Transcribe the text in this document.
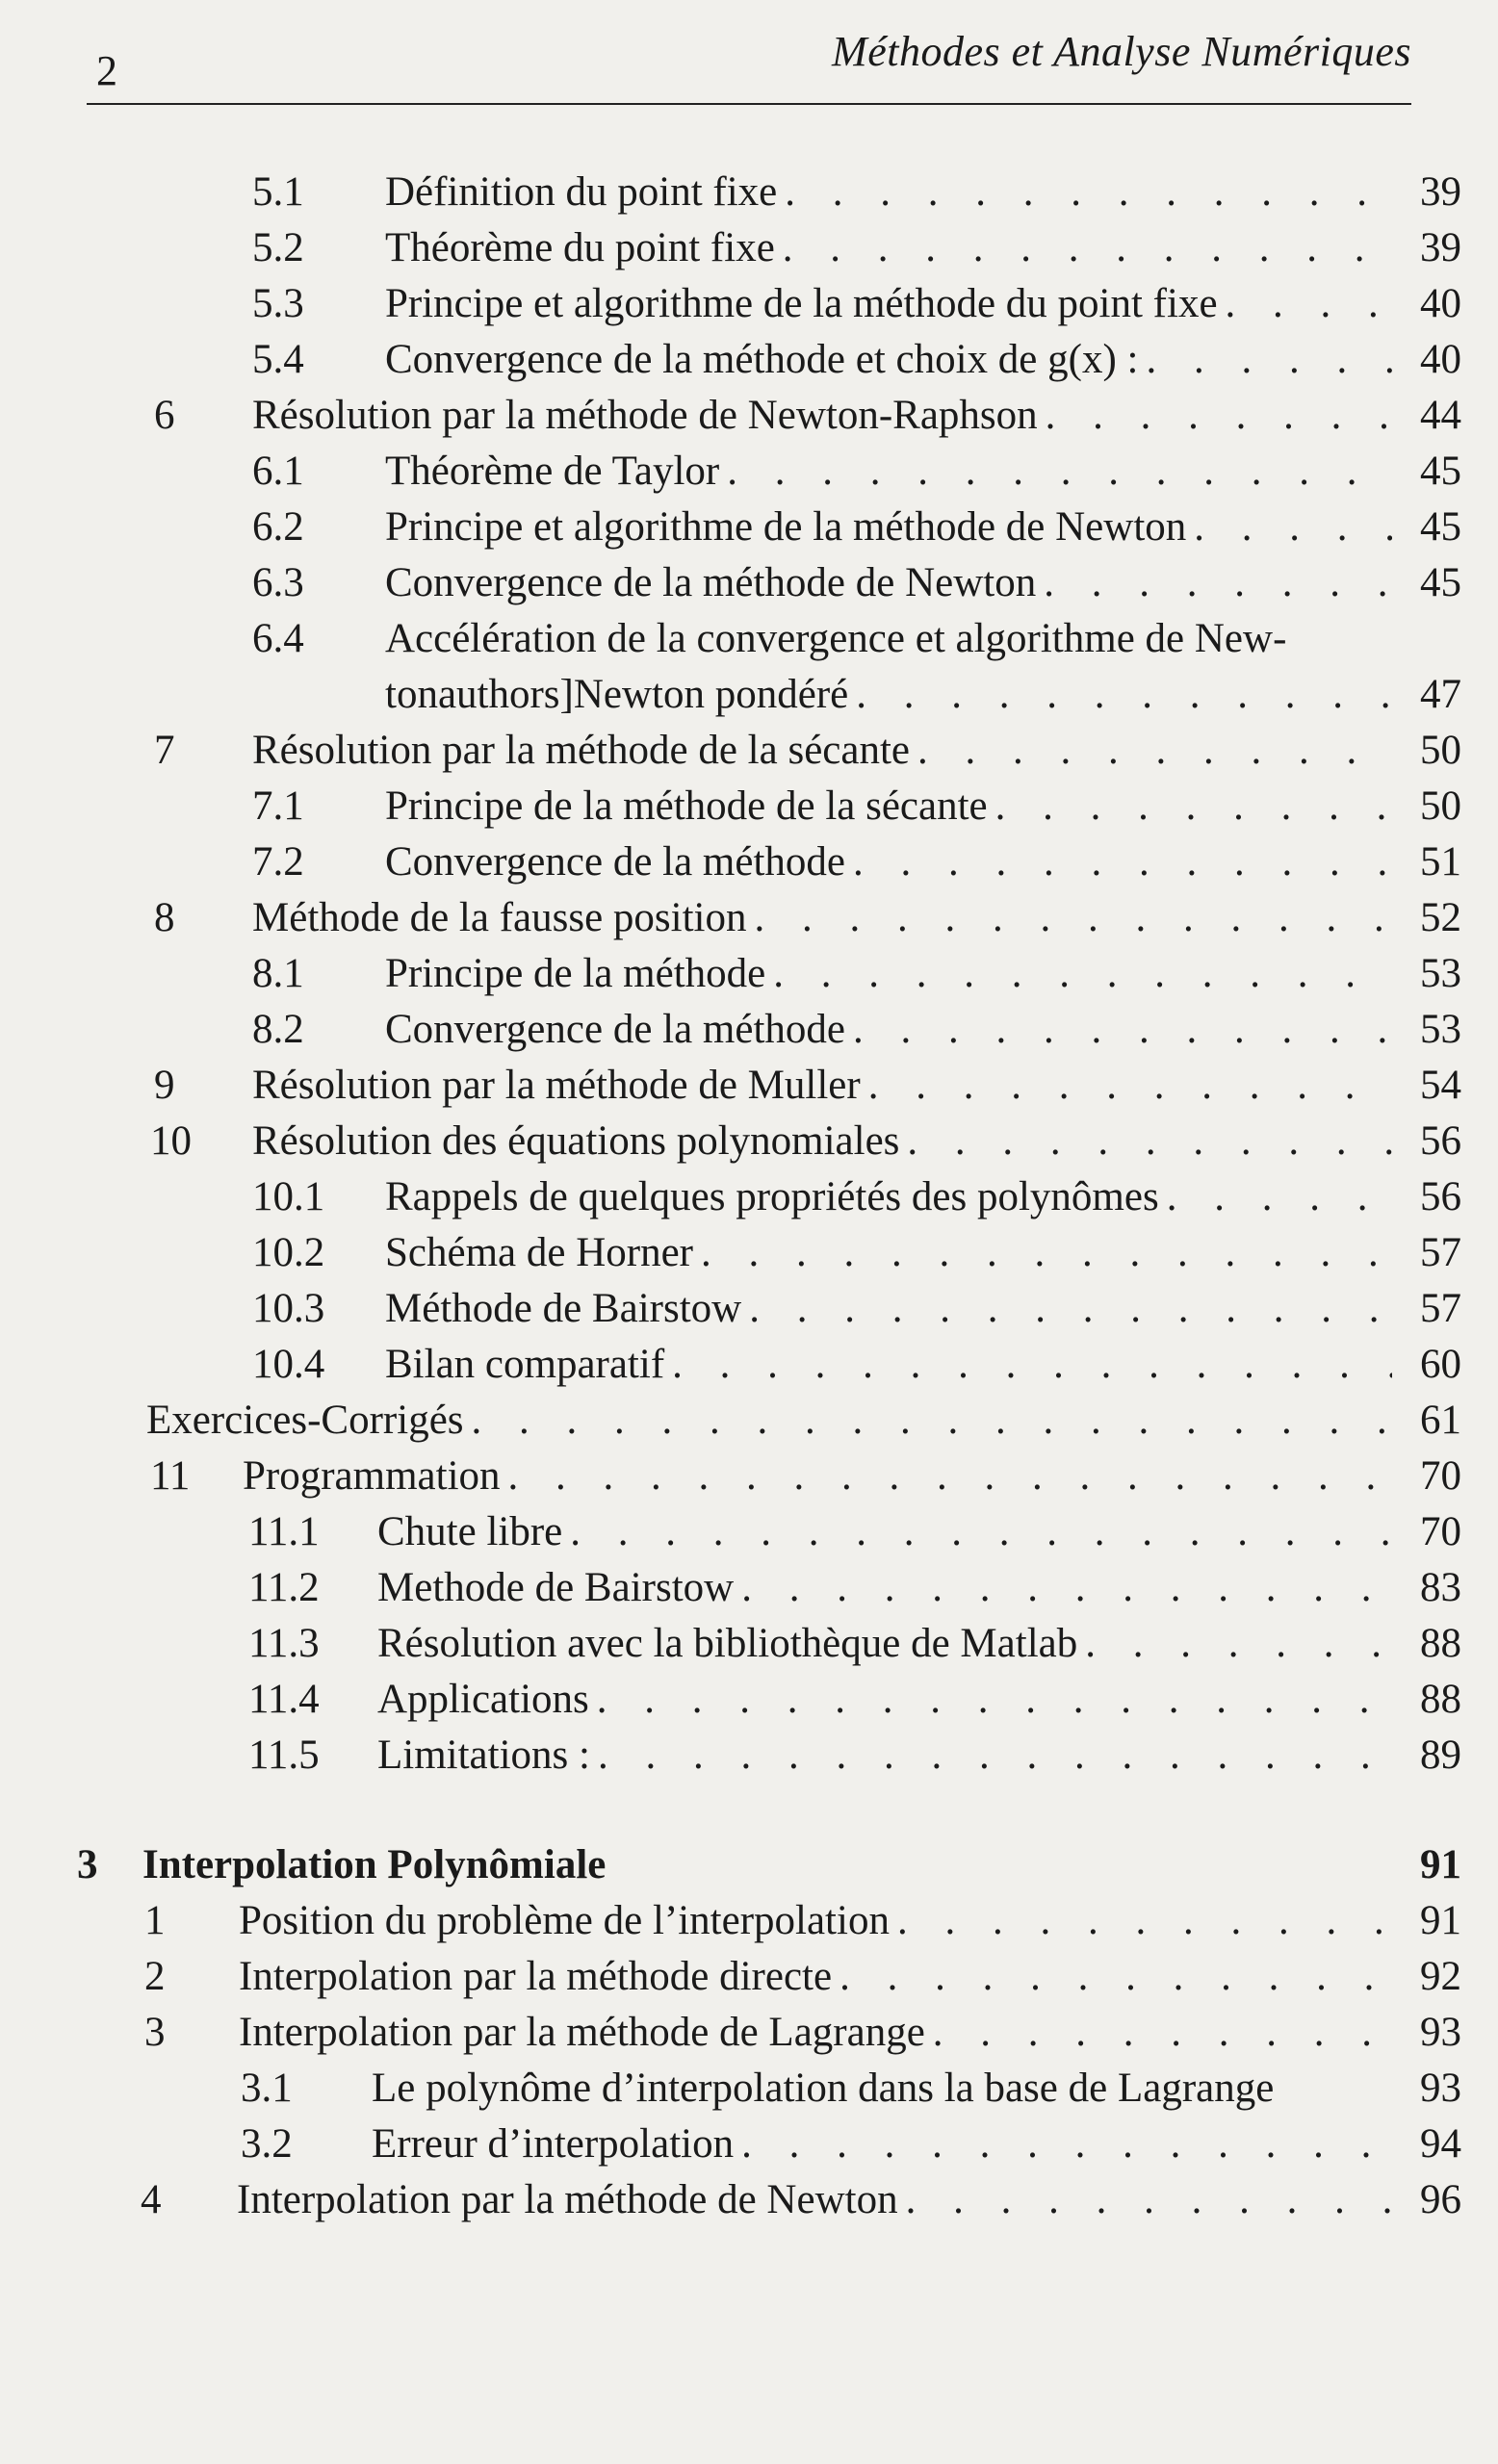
2	Méthodes et Analyse Numériques
5.1 Définition du point fixe . . .	39
5.2 Théorème du point fixe . . .	39
5.3 Principe et algorithme de la méthode du point fixe . . .	40
5.4 Convergence de la méthode et choix de g(x) : . . .	40
6 Résolution par la méthode de Newton-Raphson . . .	44
6.1 Théorème de Taylor . . .	45
6.2 Principe et algorithme de la méthode de Newton . . .	45
6.3 Convergence de la méthode de Newton . . .	45
6.4 Accélération de la convergence et algorithme de New-
tonauthors]Newton pondéré . . .	47
7 Résolution par la méthode de la sécante . . .	50
7.1 Principe de la méthode de la sécante . . .	50
7.2 Convergence de la méthode . . .	51
8 Méthode de la fausse position . . .	52
8.1 Principe de la méthode . . .	53
8.2 Convergence de la méthode . . .	53
9 Résolution par la méthode de Muller . . .	54
10 Résolution des équations polynomiales . . .	56
10.1 Rappels de quelques propriétés des polynômes . . .	56
10.2 Schéma de Horner . . .	57
10.3 Méthode de Bairstow . . .	57
10.4 Bilan comparatif . . .	60
Exercices-Corrigés . . .	61
11 Programmation . . .	70
11.1 Chute libre . . .	70
11.2 Methode de Bairstow . . .	83
11.3 Résolution avec la bibliothèque de Matlab . . .	88
11.4 Applications . . .	88
11.5 Limitations : . . .	89
3 Interpolation Polynômiale	91
1 Position du problème de l’interpolation . . .	91
2 Interpolation par la méthode directe . . .	92
3 Interpolation par la méthode de Lagrange . . .	93
3.1 Le polynôme d’interpolation dans la base de Lagrange	93
3.2 Erreur d’interpolation . . .	94
4 Interpolation par la méthode de Newton . . .	96
